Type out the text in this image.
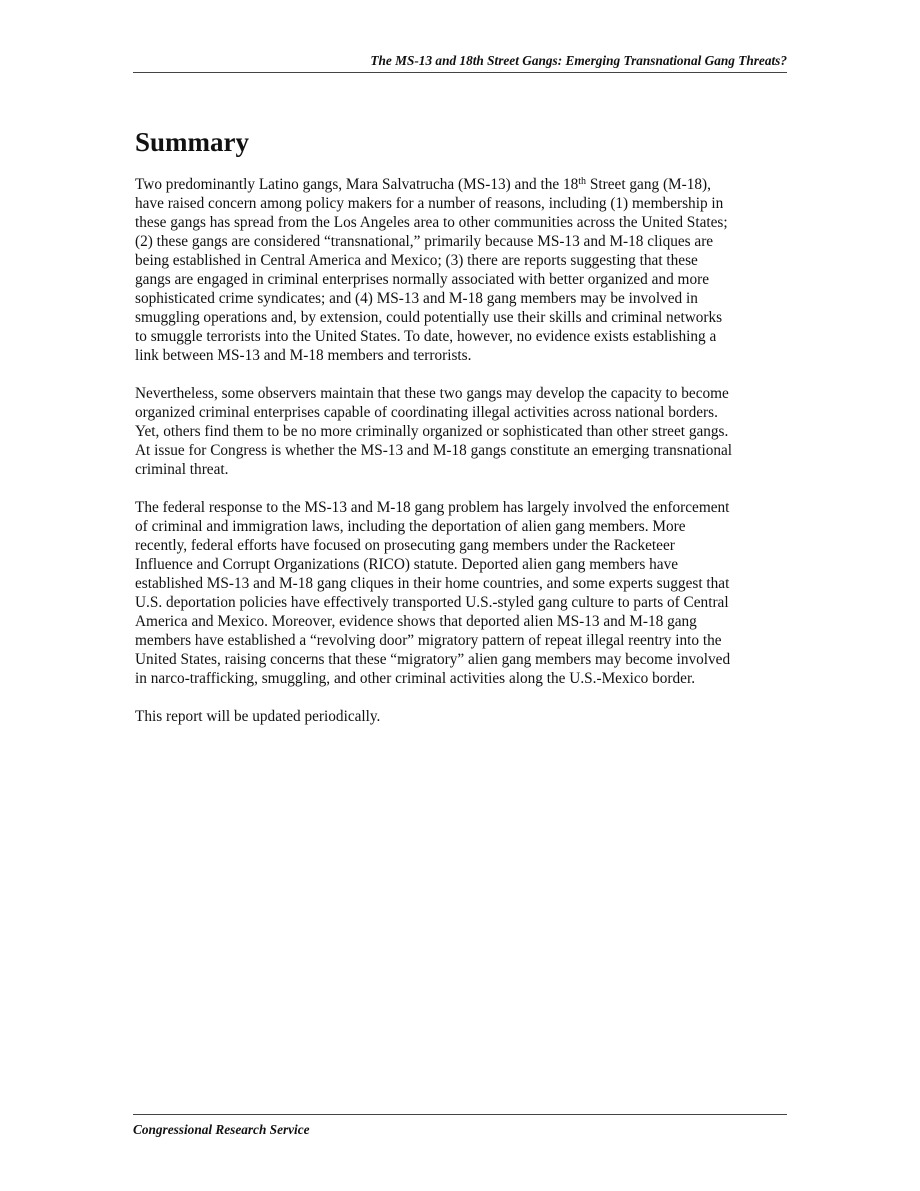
The MS-13 and 18th Street Gangs: Emerging Transnational Gang Threats?
Summary

Two predominantly Latino gangs, Mara Salvatrucha (MS-13) and the 18th Street gang (M-18),
have raised concern among policy makers for a number of reasons, including (1) membership in
these gangs has spread from the Los Angeles area to other communities across the United States;
(2) these gangs are considered “transnational,” primarily because MS-13 and M-18 cliques are
being established in Central America and Mexico; (3) there are reports suggesting that these
gangs are engaged in criminal enterprises normally associated with better organized and more
sophisticated crime syndicates; and (4) MS-13 and M-18 gang members may be involved in
smuggling operations and, by extension, could potentially use their skills and criminal networks
to smuggle terrorists into the United States. To date, however, no evidence exists establishing a
link between MS-13 and M-18 members and terrorists.

Nevertheless, some observers maintain that these two gangs may develop the capacity to become
organized criminal enterprises capable of coordinating illegal activities across national borders.
Yet, others find them to be no more criminally organized or sophisticated than other street gangs.
At issue for Congress is whether the MS-13 and M-18 gangs constitute an emerging transnational
criminal threat.

The federal response to the MS-13 and M-18 gang problem has largely involved the enforcement
of criminal and immigration laws, including the deportation of alien gang members. More
recently, federal efforts have focused on prosecuting gang members under the Racketeer
Influence and Corrupt Organizations (RICO) statute. Deported alien gang members have
established MS-13 and M-18 gang cliques in their home countries, and some experts suggest that
U.S. deportation policies have effectively transported U.S.-styled gang culture to parts of Central
America and Mexico. Moreover, evidence shows that deported alien MS-13 and M-18 gang
members have established a “revolving door” migratory pattern of repeat illegal reentry into the
United States, raising concerns that these “migratory” alien gang members may become involved
in narco-trafficking, smuggling, and other criminal activities along the U.S.-Mexico border.

This report will be updated periodically.

Congressional Research Service
